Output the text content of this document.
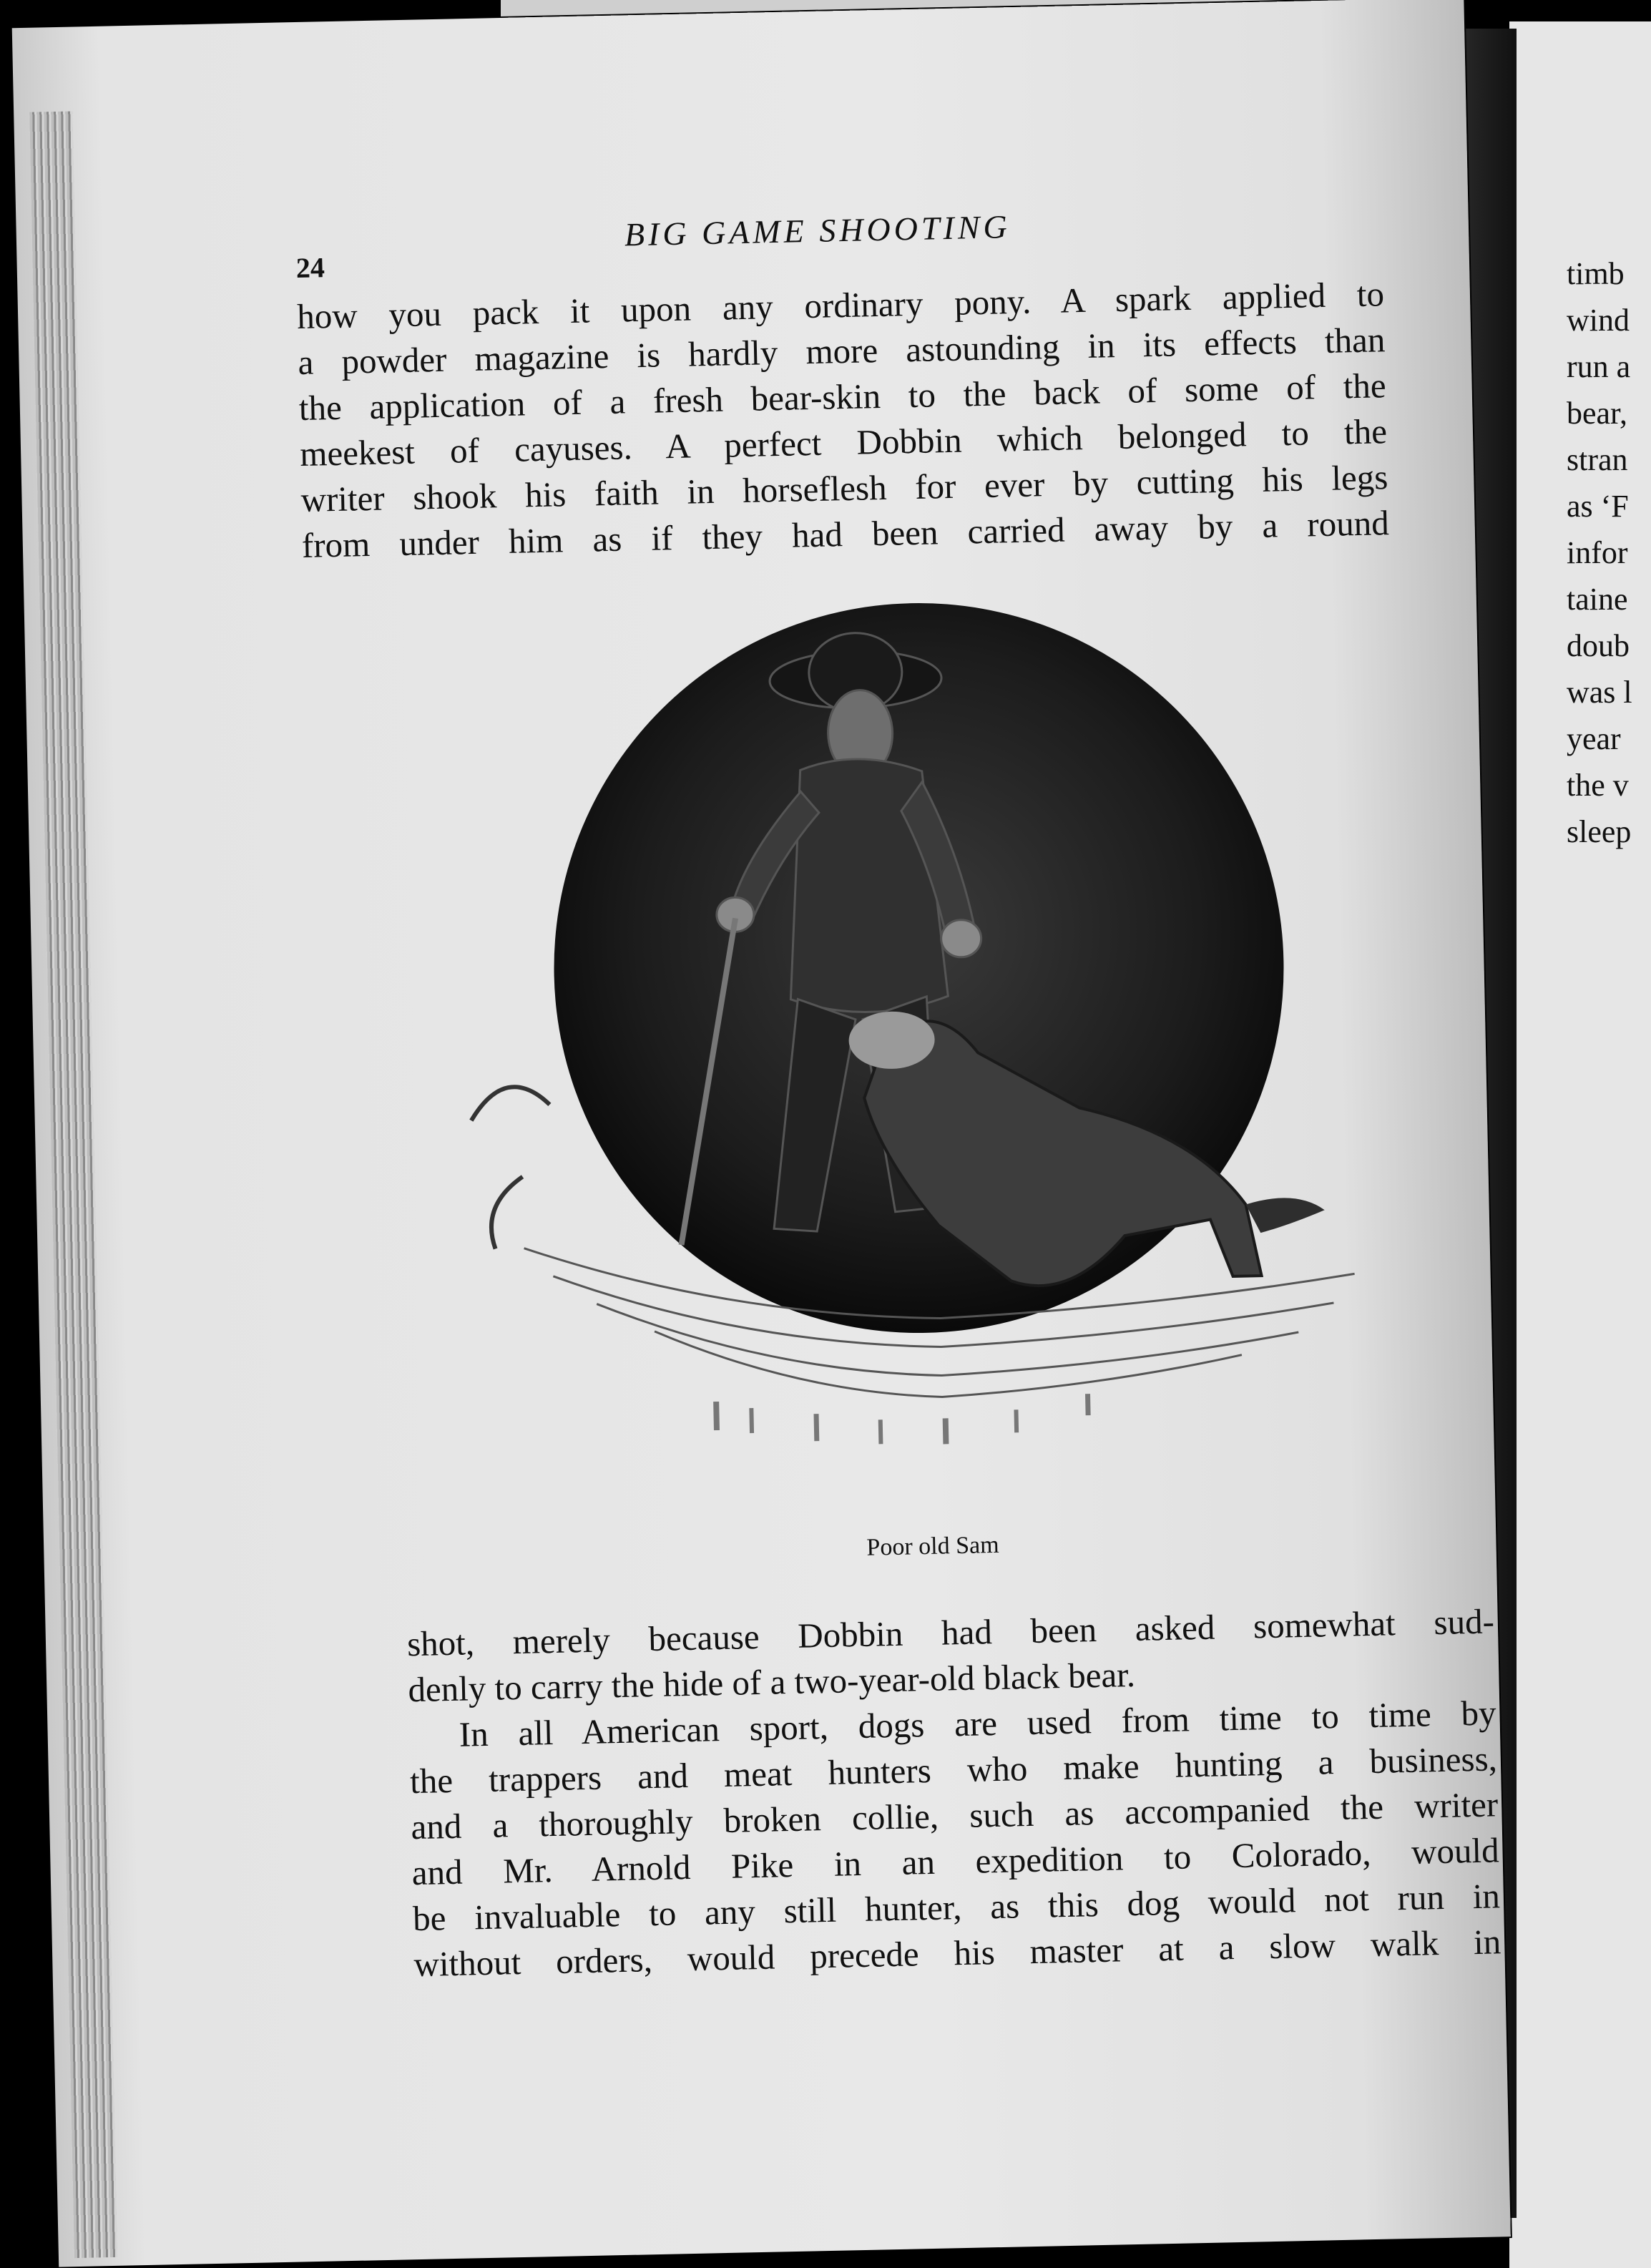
timb
wind
run a
bear,
stran
as ‘F
infor
taine
doub
was l
year
the v
sleep
24
BIG GAME SHOOTING
how you pack it upon any ordinary pony. A spark applied to
a powder magazine is hardly more astounding in its effects than
the application of a fresh bear-skin to the back of some of the
meekest of cayuses. A perfect Dobbin which belonged to the
writer shook his faith in horseflesh for ever by cutting his legs
from under him as if they had been carried away by a round
Poor old Sam
shot, merely because Dobbin had been asked somewhat sud-
denly to carry the hide of a two-year-old black bear.
In all American sport, dogs are used from time to time by
the trappers and meat hunters who make hunting a business,
and a thoroughly broken collie, such as accompanied the writer
and Mr. Arnold Pike in an expedition to Colorado, would
be invaluable to any still hunter, as this dog would not run in
without orders, would precede his master at a slow walk in
